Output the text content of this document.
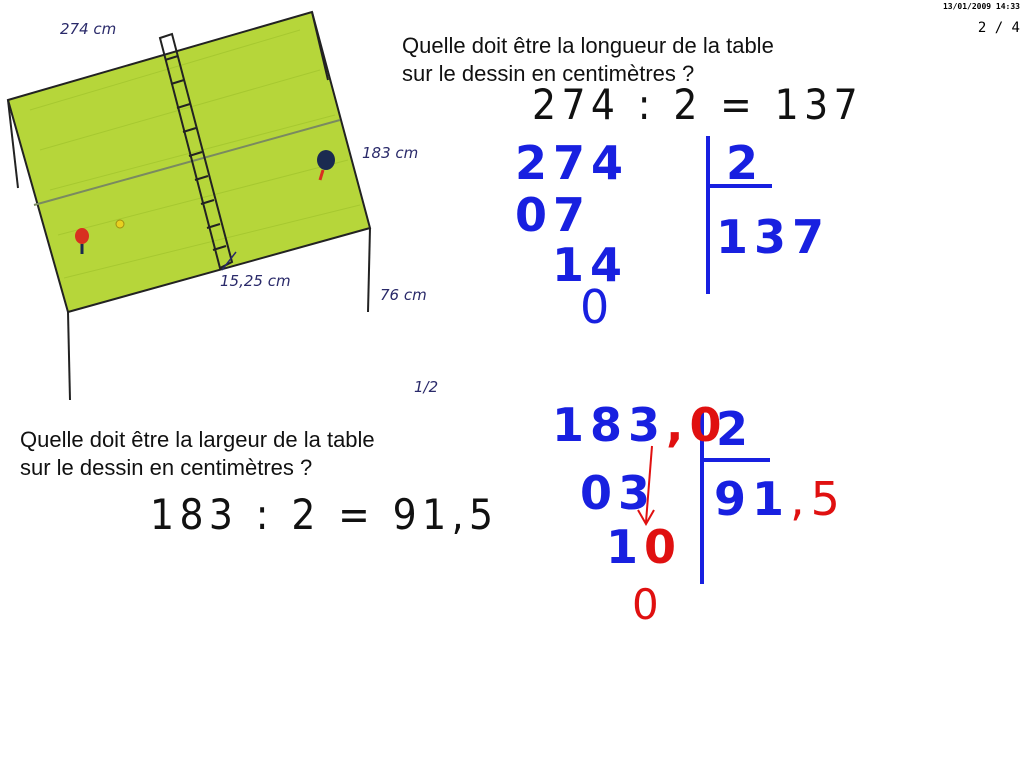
13/01/2009 14:33
2 / 4
274 cm
183 cm
15,25 cm
76 cm
1/2
Quelle doit être la longueur de la table
sur le dessin en centimètres ?
274 : 2 = 137
274
07
14
0
2
137
Quelle doit être la largeur de la table
sur le dessin en centimètres ?
183 : 2 = 91,5
183,0
03
10
0
2
91,5
